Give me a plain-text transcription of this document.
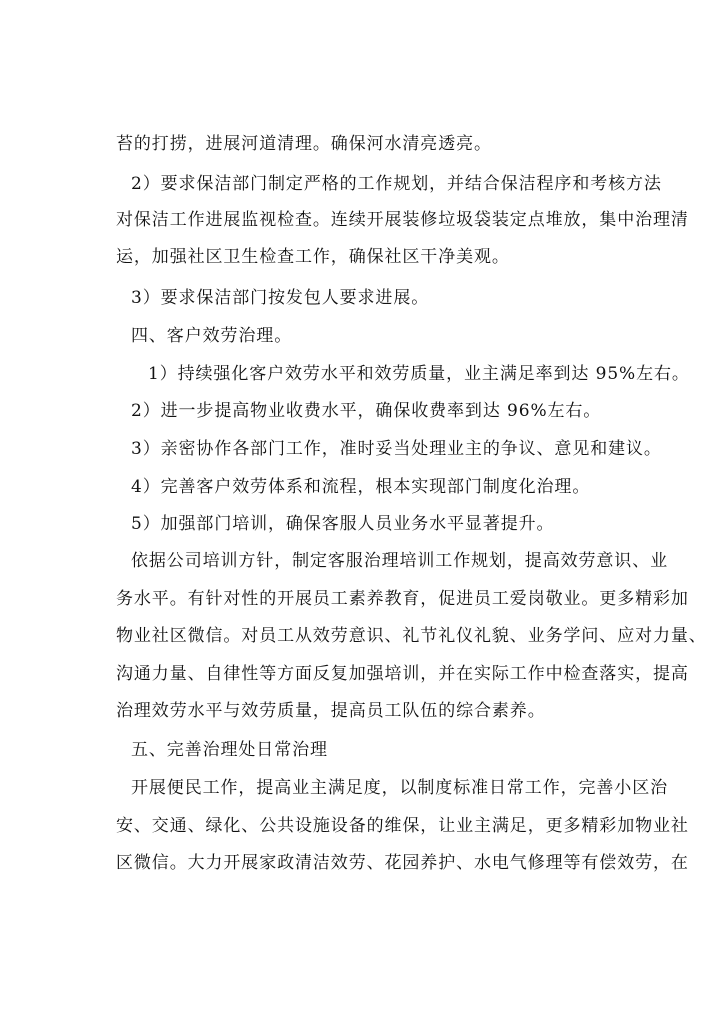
苔的打捞，进展河道清理。确保河水清亮透亮。
2）要求保洁部门制定严格的工作规划，并结合保洁程序和考核方法
对保洁工作进展监视检查。连续开展装修垃圾袋装定点堆放，集中治理清
运，加强社区卫生检查工作，确保社区干净美观。
3）要求保洁部门按发包人要求进展。
四、客户效劳治理。
1）持续强化客户效劳水平和效劳质量，业主满足率到达 95%左右。
2）进一步提高物业收费水平，确保收费率到达 96%左右。
3）亲密协作各部门工作，准时妥当处理业主的争议、意见和建议。
4）完善客户效劳体系和流程，根本实现部门制度化治理。
5）加强部门培训，确保客服人员业务水平显著提升。
依据公司培训方针，制定客服治理培训工作规划，提高效劳意识、业
务水平。有针对性的开展员工素养教育，促进员工爱岗敬业。更多精彩加
物业社区微信。对员工从效劳意识、礼节礼仪礼貌、业务学问、应对力量、
沟通力量、自律性等方面反复加强培训，并在实际工作中检查落实，提高
治理效劳水平与效劳质量，提高员工队伍的综合素养。
五、完善治理处日常治理
开展便民工作，提高业主满足度，以制度标准日常工作，完善小区治
安、交通、绿化、公共设施设备的维保，让业主满足，更多精彩加物业社
区微信。大力开展家政清洁效劳、花园养护、水电气修理等有偿效劳，在
